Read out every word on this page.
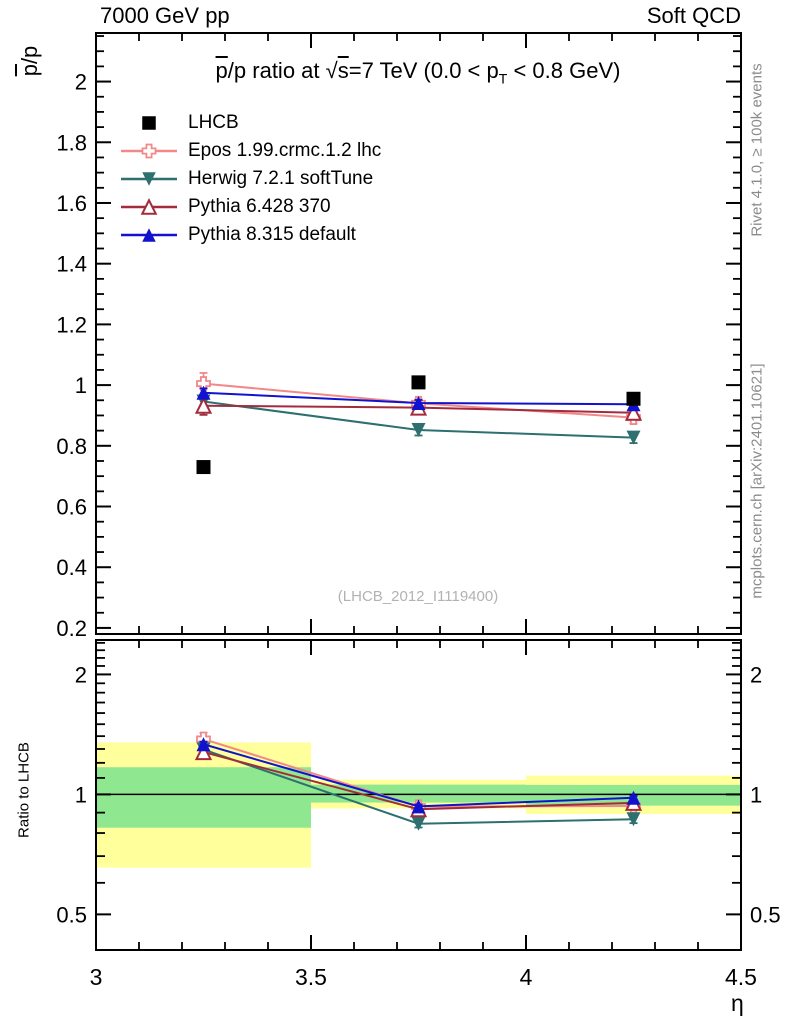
7000 GeV pp	Soft QCD
$\overline{p}/p$
Rivet 4.1.0, ≥ 100k events
mcplots.cern.ch [arXiv:2401.10621]
$\overline{p}/p$ ratio at √s=7 TeV ($0.0 < p_T < 0.8$ GeV)
(LHCB_2012_I1119400)
Ratio to LHCB
η
LHCB
Epos 1.99.crmc.1.2 lhc
Herwig 7.2.1 softTune
Pythia 6.428 370
Pythia 8.315 default
0.2
0.4
0.6
0.8
1
1.2
1.4
1.6
1.8
2
0.5	0.5
1	1
2	2
3	3.5	4	4.5
